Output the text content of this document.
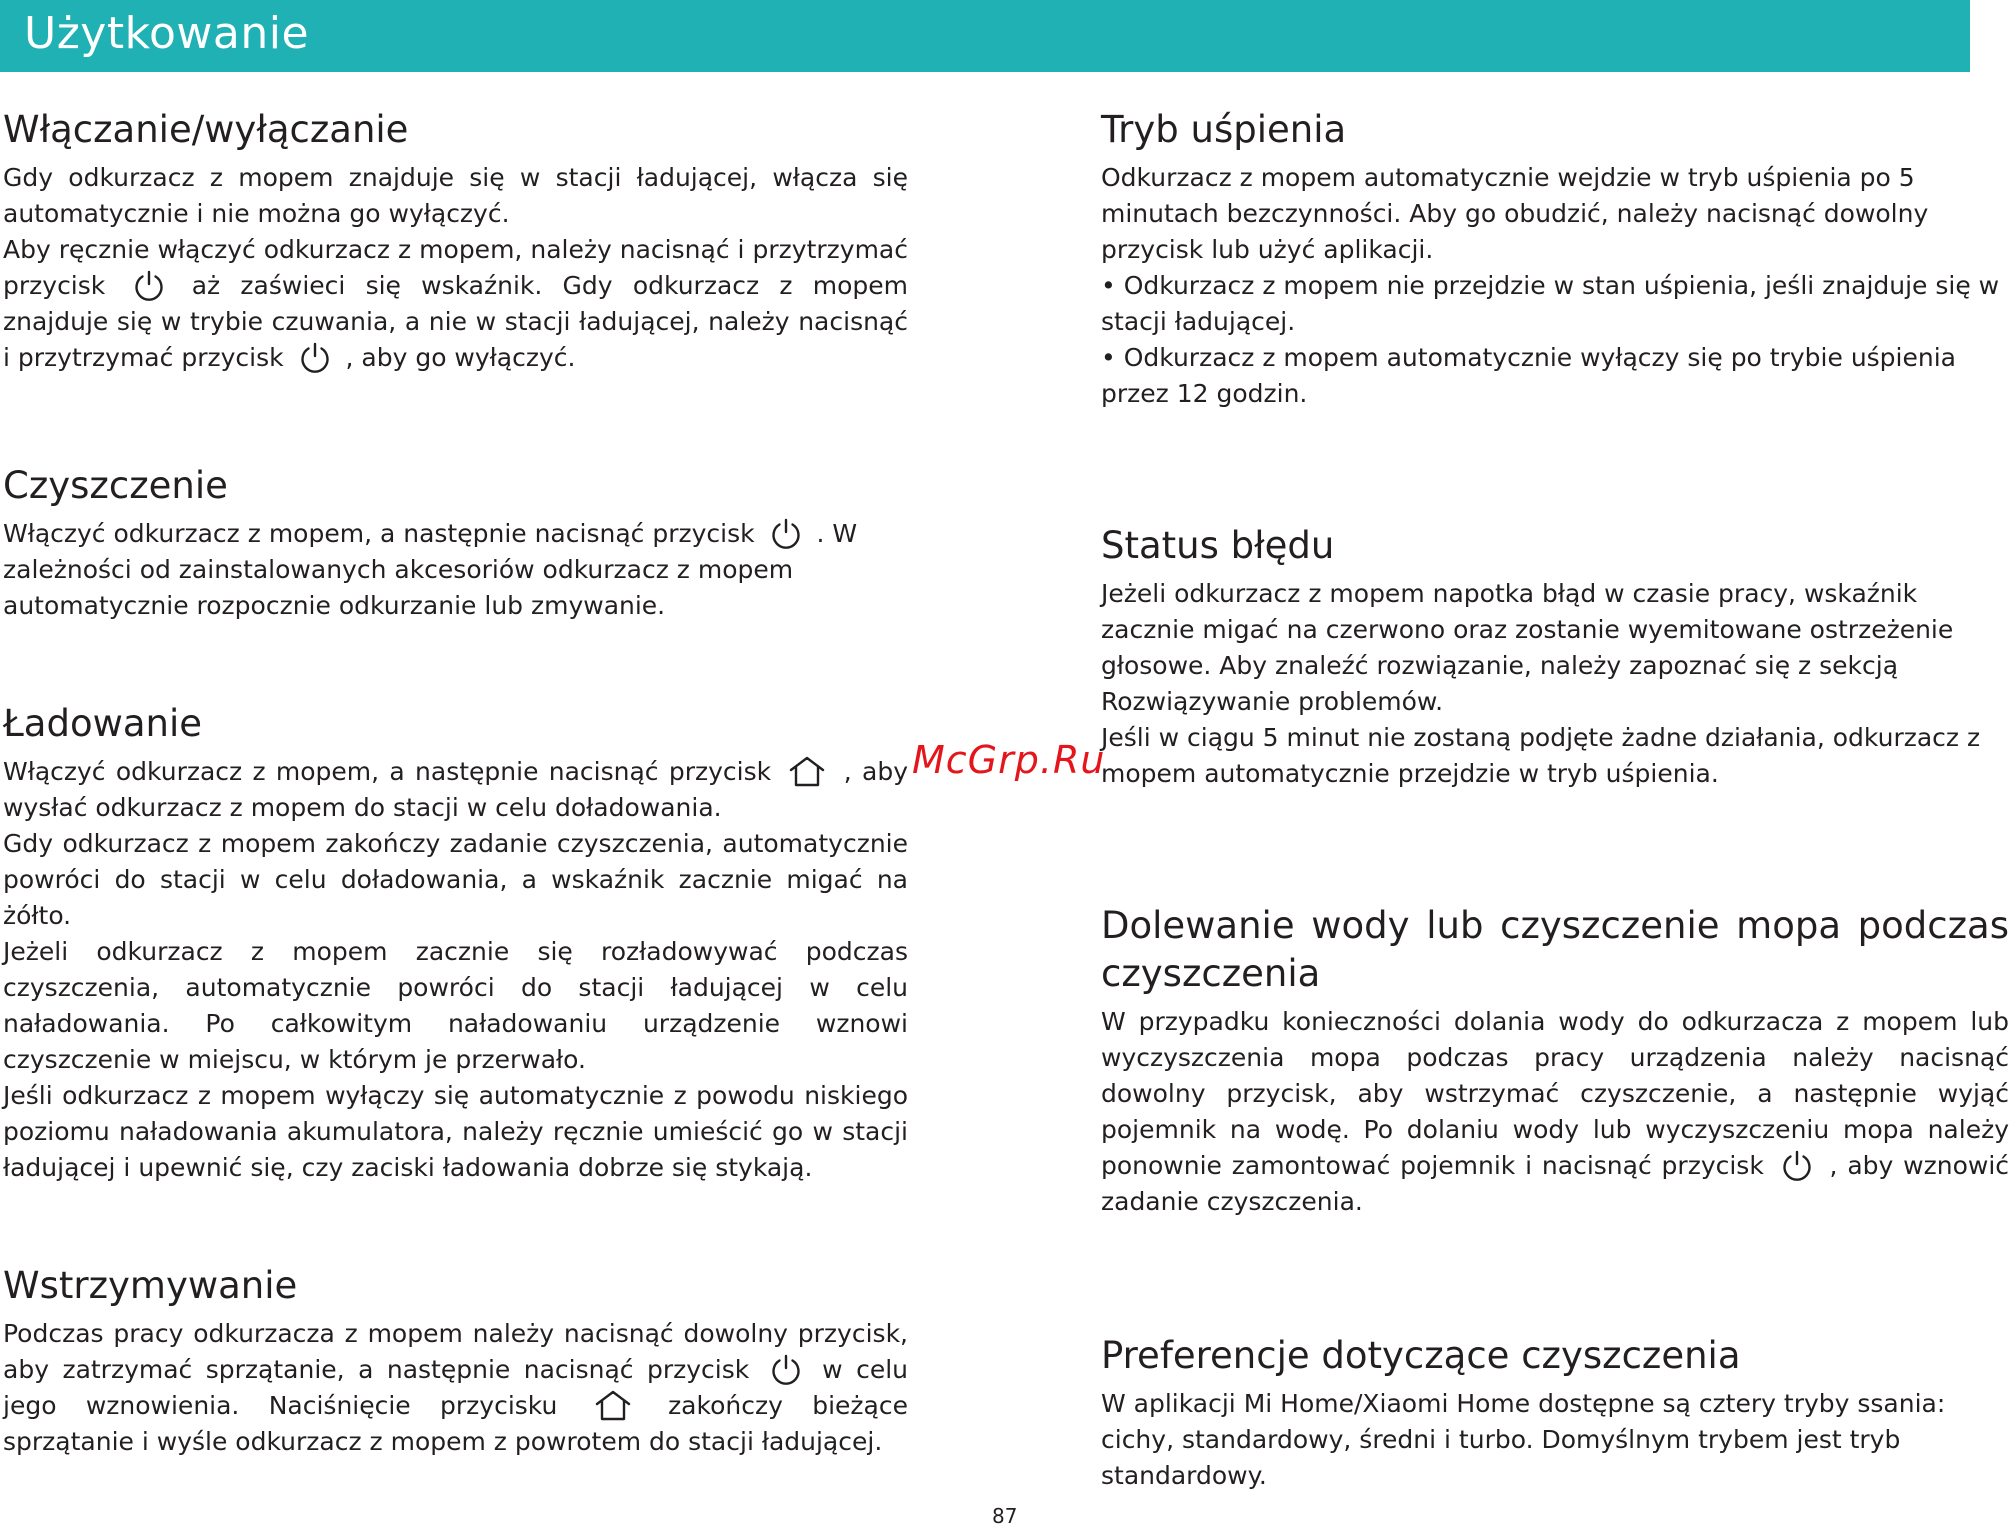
Użytkowanie
Włączanie/wyłączanie

Gdy odkurzacz z mopem znajduje się w stacji ładującej, włącza się automatycznie i nie można go wyłączyć.

Aby ręcznie włączyć odkurzacz z mopem, należy nacisnąć i przytrzymać przycisk	aż zaświeci się wskaźnik. Gdy odkurzacz z mopem znajduje się w trybie czuwania, a nie w stacji ładującej, należy nacisnąć i przytrzymać przycisk , aby go wyłączyć.

Czyszczenie

Włączyć odkurzacz z mopem, a następnie nacisnąć przycisk . W zależności od zainstalowanych akcesoriów odkurzacz z mopem automatycznie rozpocznie odkurzanie lub zmywanie.

Ładowanie

Włączyć odkurzacz z mopem, a następnie nacisnąć przycisk	, aby wysłać odkurzacz z mopem do stacji w celu doładowania.

Gdy odkurzacz z mopem zakończy zadanie czyszczenia, automatycznie powróci do stacji w celu doładowania, a wskaźnik zacznie migać na żółto.

Jeżeli odkurzacz z mopem zacznie się rozładowywać podczas czyszczenia, automatycznie powróci do stacji ładującej w celu naładowania. Po całkowitym naładowaniu urządzenie wznowi czyszczenie w miejscu, w którym je przerwało.

Jeśli odkurzacz z mopem wyłączy się automatycznie z powodu niskiego poziomu naładowania akumulatora, należy ręcznie umieścić go w stacji ładującej i upewnić się, czy zaciski ładowania dobrze się stykają.

Wstrzymywanie

Podczas pracy odkurzacza z mopem należy nacisnąć dowolny przycisk, aby zatrzymać sprzątanie, a następnie nacisnąć przycisk	w celu jego wznowienia. Naciśnięcie przycisku	zakończy bieżące sprzątanie i wyśle odkurzacz z mopem z powrotem do stacji ładującej.

Tryb uśpienia

Odkurzacz z mopem automatycznie wejdzie w tryb uśpienia po 5 minutach bezczynności. Aby go obudzić, należy nacisnąć dowolny przycisk lub użyć aplikacji.

• Odkurzacz z mopem nie przejdzie w stan uśpienia, jeśli znajduje się w stacji ładującej.

• Odkurzacz z mopem automatycznie wyłączy się po trybie uśpienia przez 12 godzin.

Status błędu

Jeżeli odkurzacz z mopem napotka błąd w czasie pracy, wskaźnik zacznie migać na czerwono oraz zostanie wyemitowane ostrzeżenie głosowe. Aby znaleźć rozwiązanie, należy zapoznać się z sekcją Rozwiązywanie problemów.

Jeśli w ciągu 5 minut nie zostaną podjęte żadne działania, odkurzacz z mopem automatycznie przejdzie w tryb uśpienia.

Dolewanie wody lub czyszczenie mopa podczas czyszczenia

W przypadku konieczności dolania wody do odkurzacza z mopem lub wyczyszczenia mopa podczas pracy urządzenia należy nacisnąć dowolny przycisk, aby wstrzymać czyszczenie, a następnie wyjąć pojemnik na wodę. Po dolaniu wody lub wyczyszczeniu mopa należy ponownie zamontować pojemnik i nacisnąć przycisk	, aby wznowić zadanie czyszczenia.

Preferencje dotyczące czyszczenia

W aplikacji Mi Home/Xiaomi Home dostępne są cztery tryby ssania: cichy, standardowy, średni i turbo. Domyślnym trybem jest tryb standardowy.

McGrp.Ru
87
